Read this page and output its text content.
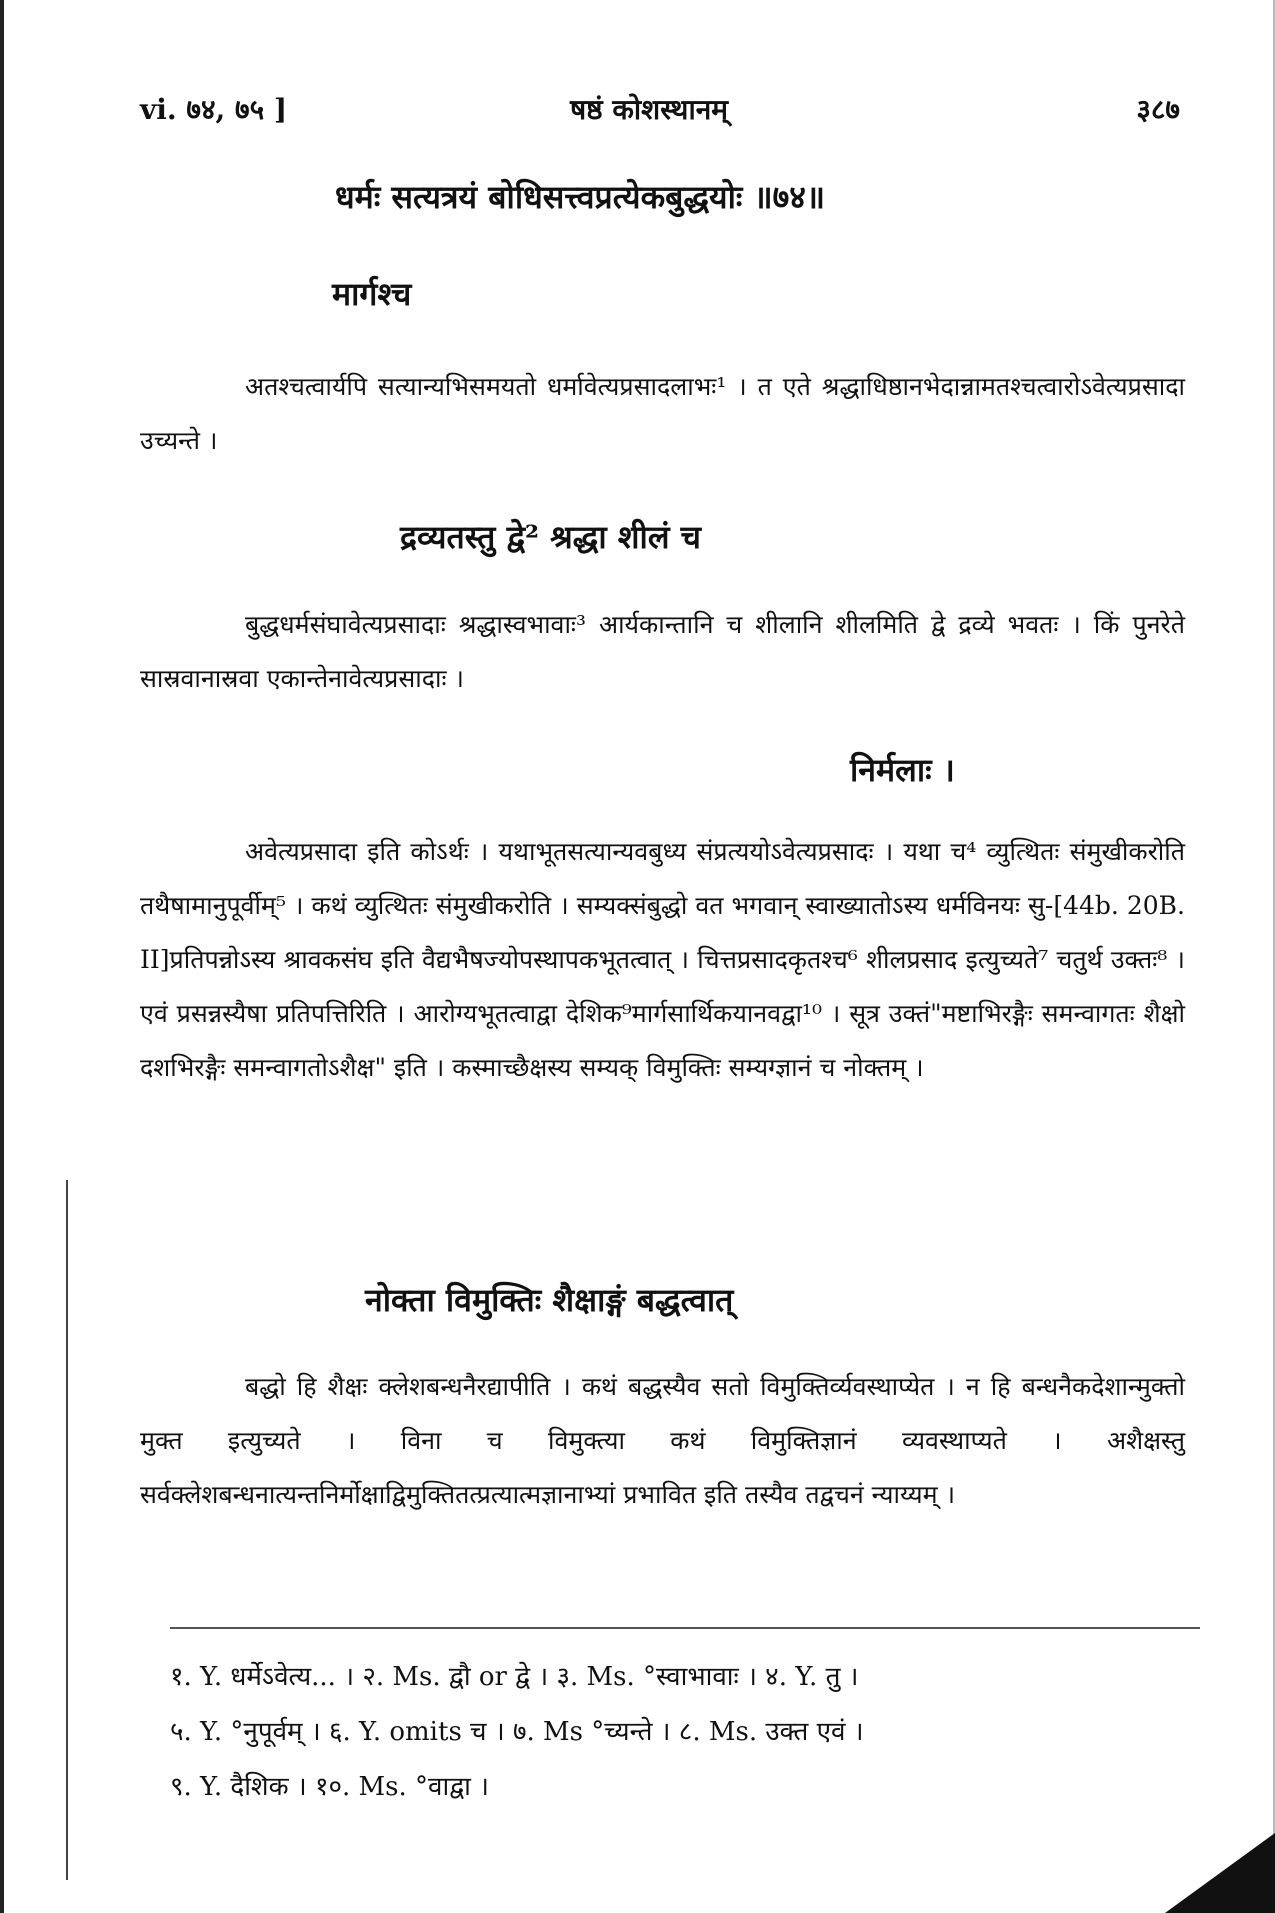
vi. ७४, ७५ ]	षष्ठं कोशस्थानम्	३८७
धर्मः सत्यत्रयं बोधिसत्त्वप्रत्येकबुद्धयोः ॥७४॥
मार्गश्च

अतश्चत्वार्यपि सत्यान्यभिसमयतो धर्मावेत्यप्रसादलाभः¹ । त एते श्रद्धाधिष्ठानभेदान्नामतश्चत्वारोऽवेत्यप्रसादा उच्यन्ते ।

द्रव्यतस्तु द्वे² श्रद्धा शीलं च

बुद्धधर्मसंघावेत्यप्रसादाः श्रद्धास्वभावाः³ आर्यकान्तानि च शीलानि शीलमिति द्वे द्रव्ये भवतः । किं पुनरेते सास्रवानास्रवा एकान्तेनावेत्यप्रसादाः ।

निर्मलाः ।

अवेत्यप्रसादा इति कोऽर्थः । यथाभूतसत्यान्यवबुध्य संप्रत्ययोऽवेत्यप्रसादः । यथा च⁴ व्युत्थितः संमुखीकरोति तथैषामानुपूर्वीम्⁵ । कथं व्युत्थितः संमुखीकरोति । सम्यक्संबुद्धो वत भगवान् स्वाख्यातोऽस्य धर्मविनयः सु-[44b. 20B. II]प्रतिपन्नोऽस्य श्रावकसंघ इति वैद्यभैषज्योपस्थापकभूतत्वात् । चित्तप्रसादकृतश्च⁶ शीलप्रसाद इत्युच्यते⁷ चतुर्थ उक्तः⁸ । एवं प्रसन्नस्यैषा प्रतिपत्तिरिति । आरोग्यभूतत्वाद्वा देशिक⁹मार्गसार्थिकयानवद्वा¹⁰ । सूत्र उक्तं"मष्टाभिरङ्गैः समन्वागतः शैक्षो दशभिरङ्गैः समन्वागतोऽशैक्ष" इति । कस्माच्छैक्षस्य सम्यक् विमुक्तिः सम्यग्ज्ञानं च नोक्तम् ।

नोक्ता विमुक्तिः शैक्षाङ्गं बद्धत्वात्

बद्धो हि शैक्षः क्लेशबन्धनैरद्यापीति । कथं बद्धस्यैव सतो विमुक्तिर्व्यवस्थाप्येत । न हि बन्धनैकदेशान्मुक्तो मुक्त इत्युच्यते । विना च विमुक्त्या कथं विमुक्तिज्ञानं व्यवस्थाप्यते । अशैक्षस्तु सर्वक्लेशबन्धनात्यन्तनिर्मोक्षाद्विमुक्तितत्प्रत्यात्मज्ञानाभ्यां प्रभावित इति तस्यैव तद्वचनं न्याय्यम् ।

१. Y. धर्मेऽवेत्य... । २. Ms. द्वौ or द्वे । ३. Ms. °स्वाभावाः । ४. Y. तु ।
५. Y. °नुपूर्वम् । ६. Y. omits च । ७. Ms °च्यन्ते । ८. Ms. उक्त एवं ।
९. Y. दैशिक । १०. Ms. °वाद्वा ।
